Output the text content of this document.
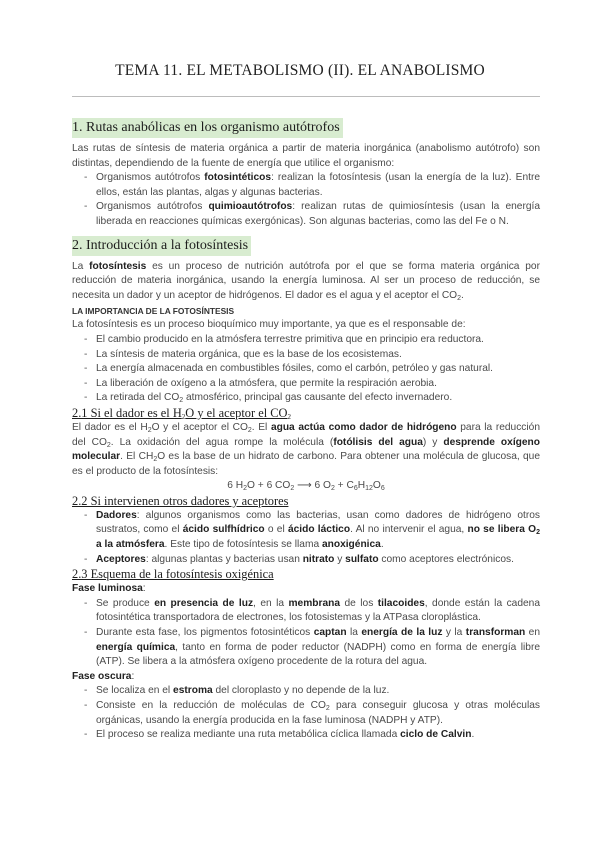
TEMA 11. EL METABOLISMO (II). EL ANABOLISMO
1. Rutas anabólicas en los organismo autótrofos

Las rutas de síntesis de materia orgánica a partir de materia inorgánica (anabolismo autótrofo) son distintas, dependiendo de la fuente de energía que utilice el organismo:

- Organismos autótrofos fotosintéticos: realizan la fotosíntesis (usan la energía de la luz). Entre ellos, están las plantas, algas y algunas bacterias.
- Organismos autótrofos quimioautótrofos: realizan rutas de quimiosíntesis (usan la energía liberada en reacciones químicas exergónicas). Son algunas bacterias, como las del Fe o N.
2. Introducción a la fotosíntesis

La fotosíntesis es un proceso de nutrición autótrofa por el que se forma materia orgánica por reducción de materia inorgánica, usando la energía luminosa. Al ser un proceso de reducción, se necesita un dador y un aceptor de hidrógenos. El dador es el agua y el aceptor el $CO_2$.

LA IMPORTANCIA DE LA FOTOSÍNTESIS

La fotosíntesis es un proceso bioquímico muy importante, ya que es el responsable de:

- El cambio producido en la atmósfera terrestre primitiva que en principio era reductora.
- La síntesis de materia orgánica, que es la base de los ecosistemas.
- La energía almacenada en combustibles fósiles, como el carbón, petróleo y gas natural.
- La liberación de oxígeno a la atmósfera, que permite la respiración aerobia.
- La retirada del $CO_2$ atmosférico, principal gas causante del efecto invernadero.
2.1 Si el dador es el $H_2O$ y el aceptor el $CO_2$

El dador es el $H_2O$ y el aceptor el $CO_2$. El agua actúa como dador de hidrógeno para la reducción del $CO_2$. La oxidación del agua rompe la molécula (fotólisis del agua) y desprende oxígeno molecular. El $CH_2O$ es la base de un hidrato de carbono. Para obtener una molécula de glucosa, que es el producto de la fotosíntesis:

6 $H_2O + 6$ $CO_2$ ⟶ 6 $O_2 + C_6H_{12}O_6$

2.2 Si intervienen otros dadores y aceptores
- Dadores: algunos organismos como las bacterias, usan como dadores de hidrógeno otros sustratos, como el ácido sulfhídrico o el ácido láctico. Al no intervenir el agua, no se libera $O_2$ a la atmósfera. Este tipo de fotosíntesis se llama anoxigénica.
- Aceptores: algunas plantas y bacterias usan nitrato y sulfato como aceptores electrónicos.
2.3 Esquema de la fotosíntesis oxigénica
Fase luminosa:
- Se produce en presencia de luz, en la membrana de los tilacoides, donde están la cadena fotosintética transportadora de electrones, los fotosistemas y la ATPasa cloroplástica.
- Durante esta fase, los pigmentos fotosintéticos captan la energía de la luz y la transforman en energía química, tanto en forma de poder reductor (NADPH) como en forma de energía libre (ATP). Se libera a la atmósfera oxígeno procedente de la rotura del agua.
Fase oscura:
- Se localiza en el estroma del cloroplasto y no depende de la luz.
- Consiste en la reducción de moléculas de $CO_2$ para conseguir glucosa y otras moléculas orgánicas, usando la energía producida en la fase luminosa (NADPH y ATP).
- El proceso se realiza mediante una ruta metabólica cíclica llamada ciclo de Calvin.
